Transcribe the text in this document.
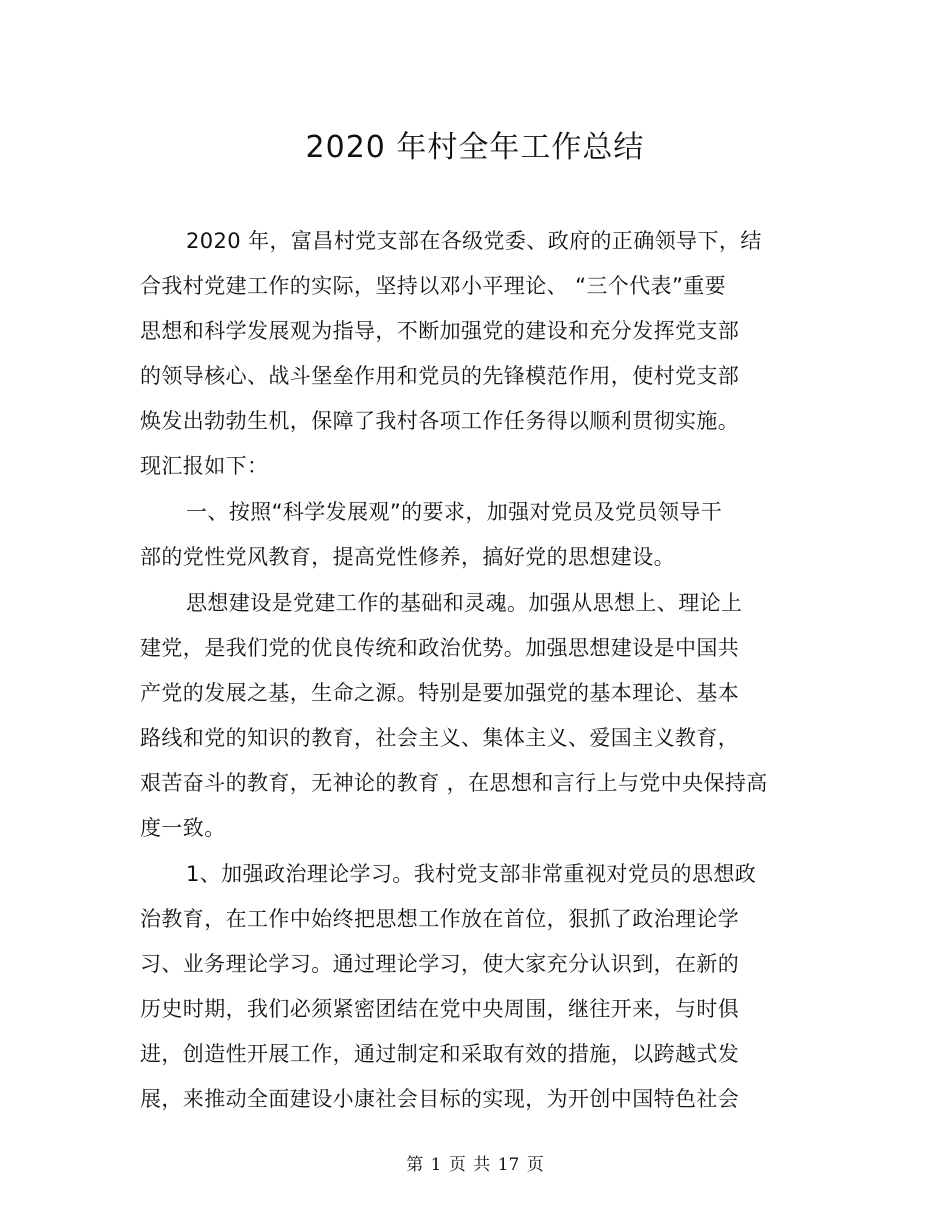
2020 年村全年工作总结
2020 年，富昌村党支部在各级党委、政府的正确领导下，结
合我村党建工作的实际，坚持以邓小平理论、 “三个代表”重要
思想和科学发展观为指导，不断加强党的建设和充分发挥党支部
的领导核心、战斗堡垒作用和党员的先锋模范作用，使村党支部
焕发出勃勃生机，保障了我村各项工作任务得以顺利贯彻实施。
现汇报如下：
一、按照“科学发展观”的要求，加强对党员及党员领导干
部的党性党风教育，提高党性修养，搞好党的思想建设。
思想建设是党建工作的基础和灵魂。加强从思想上、理论上
建党，是我们党的优良传统和政治优势。加强思想建设是中国共
产党的发展之基，生命之源。特别是要加强党的基本理论、基本
路线和党的知识的教育，社会主义、集体主义、爱国主义教育，
艰苦奋斗的教育，无神论的教育 ，在思想和言行上与党中央保持高
度一致。
1、加强政治理论学习。我村党支部非常重视对党员的思想政
治教育，在工作中始终把思想工作放在首位，狠抓了政治理论学
习、业务理论学习。通过理论学习，使大家充分认识到，在新的
历史时期，我们必须紧密团结在党中央周围，继往开来，与时俱
进，创造性开展工作，通过制定和采取有效的措施，以跨越式发
展，来推动全面建设小康社会目标的实现，为开创中国特色社会
第 1 页 共 17 页
